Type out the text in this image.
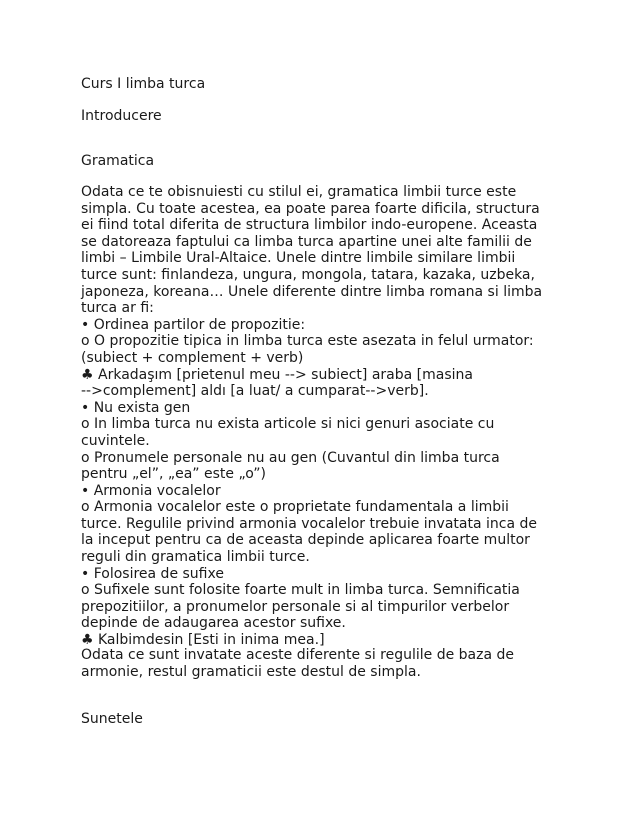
Curs I limba turca
Introducere
Gramatica
Odata ce te obisnuiesti cu stilul ei, gramatica limbii turce este
simpla. Cu toate acestea, ea poate parea foarte dificila, structura
ei fiind total diferita de structura limbilor indo-europene. Aceasta
se datoreaza faptului ca limba turca apartine unei alte familii de
limbi – Limbile Ural-Altaice. Unele dintre limbile similare limbii
turce sunt: finlandeza, ungura, mongola, tatara, kazaka, uzbeka,
japoneza, koreana… Unele diferente dintre limba romana si limba
turca ar fi:
• Ordinea partilor de propozitie:
o O propozitie tipica in limba turca este asezata in felul urmator:
(subiect + complement + verb)
♣ Arkadaşım [prietenul meu --> subiect] araba [masina
-->complement] aldı [a luat/ a cumparat-->verb].
• Nu exista gen
o In limba turca nu exista articole si nici genuri asociate cu
cuvintele.
o Pronumele personale nu au gen (Cuvantul din limba turca
pentru „el”, „ea” este „o”)
• Armonia vocalelor
o Armonia vocalelor este o proprietate fundamentala a limbii
turce. Regulile privind armonia vocalelor trebuie invatata inca de
la inceput pentru ca de aceasta depinde aplicarea foarte multor
reguli din gramatica limbii turce.
• Folosirea de sufixe
o Sufixele sunt folosite foarte mult in limba turca. Semnificatia
prepozitiilor, a pronumelor personale si al timpurilor verbelor
depinde de adaugarea acestor sufixe.
♣ Kalbimdesin [Esti in inima mea.]
Odata ce sunt invatate aceste diferente si regulile de baza de
armonie, restul gramaticii este destul de simpla.
Sunetele
